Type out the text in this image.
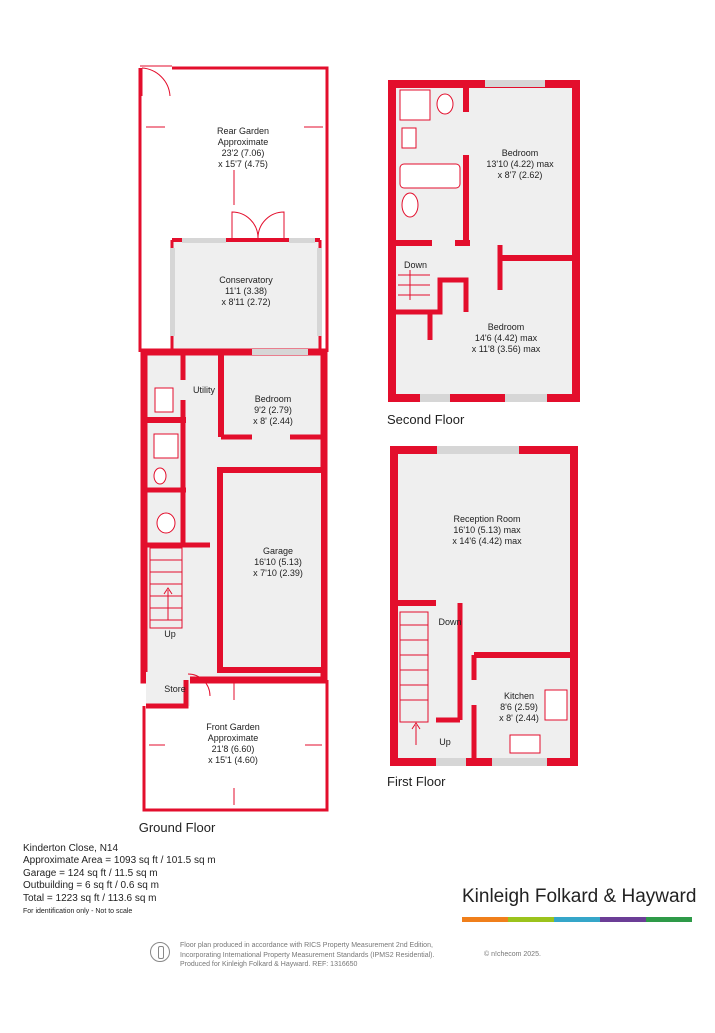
Rear Garden
Approximate
23'2 (7.06)
x 15'7 (4.75)
Conservatory
11'1 (3.38)
x 8'11 (2.72)
Utility
Bedroom
9'2 (2.79)
x 8' (2.44)
Garage
16'10 (5.13)
x 7'10 (2.39)
Up
Store
Front Garden
Approximate
21'8 (6.60)
x 15'1 (4.60)
Ground Floor
Bedroom
13'10 (4.22) max
x 8'7 (2.62)
Down
Bedroom
14'6 (4.42) max
x 11'8 (3.56) max
Second Floor
Reception Room
16'10 (5.13) max
x 14'6 (4.42) max
Down
Kitchen
8'6 (2.59)
x 8' (2.44)
Up
First Floor
Kinderton Close, N14
Approximate Area = 1093 sq ft / 101.5 sq m
Garage = 124 sq ft / 11.5 sq m
Outbuilding = 6 sq ft / 0.6 sq m
Total = 1223 sq ft / 113.6 sq m
For identification only - Not to scale
Kinleigh Folkard & Hayward
Floor plan produced in accordance with RICS Property Measurement 2nd Edition,
Incorporating International Property Measurement Standards (IPMS2 Residential).
Produced for Kinleigh Folkard & Hayward. REF: 1316650
© n!checom 2025.
